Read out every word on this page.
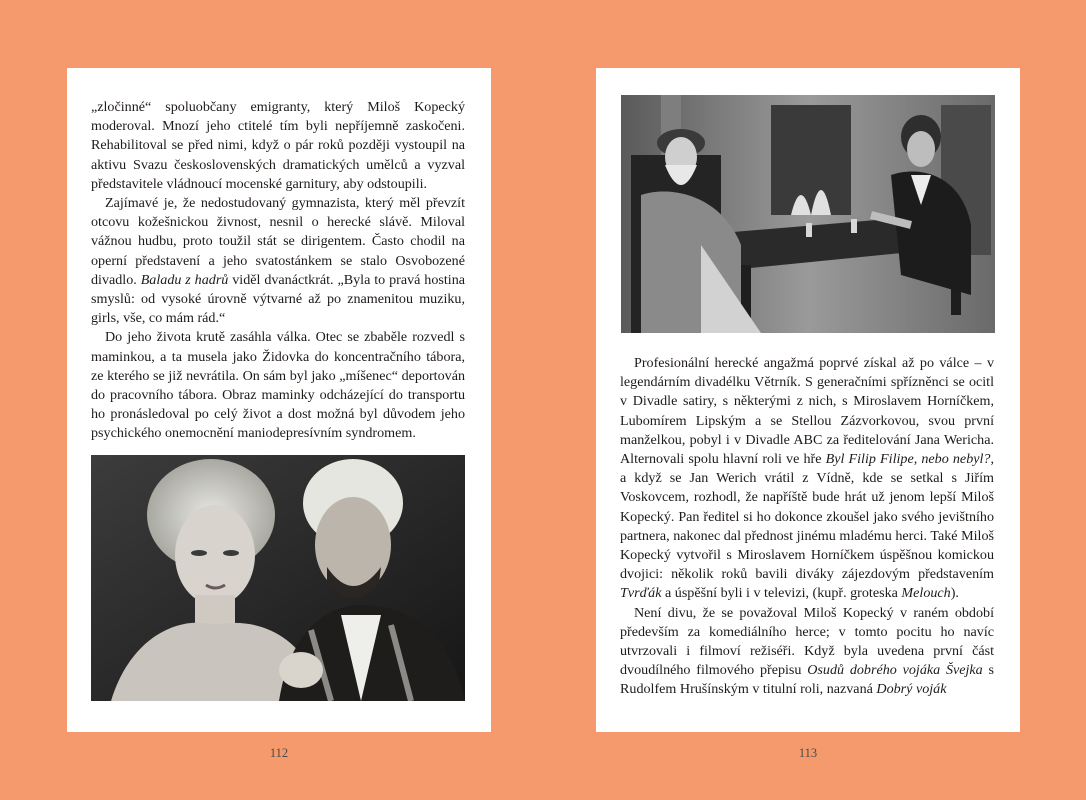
„zločinné“ spoluobčany emigranty, který Miloš Kopecký moderoval. Mnozí jeho ctitelé tím byli nepříjemně zaskočeni. Rehabilitoval se před nimi, když o pár roků později vystoupil na aktivu Svazu československých dramatických umělců a vyzval představitele vládnoucí mocenské garnitury, aby odstoupili.

Zajímavé je, že nedostudovaný gymnazista, který měl převzít otcovu kožešnickou živnost, nesnil o herecké slávě. Miloval vážnou hudbu, proto toužil stát se dirigentem. Často chodil na operní představení a jeho svatostánkem se stalo Osvobozené divadlo. Baladu z hadrů viděl dvanáctkrát. „Byla to pravá hostina smyslů: od vysoké úrovně výtvarné až po znamenitou muziku, girls, vše, co mám rád.“

Do jeho života krutě zasáhla válka. Otec se zbaběle rozvedl s maminkou, a ta musela jako Židovka do koncentračního tábora, ze kterého se již nevrátila. On sám byl jako „míšenec“ deportován do pracovního tábora. Obraz maminky odcházející do transportu ho pronásledoval po celý život a dost možná byl důvodem jeho psychického onemocnění maniodepresívním syndromem.

112

Profesionální herecké angažmá poprvé získal až po válce – v legendárním divadélku Větrník. S generačními spřízněnci se ocitl v Divadle satiry, s některými z nich, s Miroslavem Horníčkem, Lubomírem Lipským a se Stellou Zázvorkovou, svou první manželkou, pobyl i v Divadle ABC za ředitelování Jana Wericha. Alternovali spolu hlavní roli ve hře Byl Filip Filipe, nebo nebyl?, a když se Jan Werich vrátil z Vídně, kde se setkal s Jiřím Voskovcem, rozhodl, že napříště bude hrát už jenom lepší Miloš Kopecký. Pan ředitel si ho dokonce zkoušel jako svého jevištního partnera, nakonec dal přednost jinému mladému herci. Také Miloš Kopecký vytvořil s Miroslavem Horníčkem úspěšnou komickou dvojici: několik roků bavili diváky zájezdovým představením Tvrďák a úspěšní byli i v televizi, (kupř. groteska Melouch).

Není divu, že se považoval Miloš Kopecký v raném období především za komediálního herce; v tomto pocitu ho navíc utvrzovali i filmoví režiséři. Když byla uvedena první část dvoudílného filmového přepisu Osudů dobrého vojáka Švejka s Rudolfem Hrušínským v titulní roli, nazvaná Dobrý voják

113
